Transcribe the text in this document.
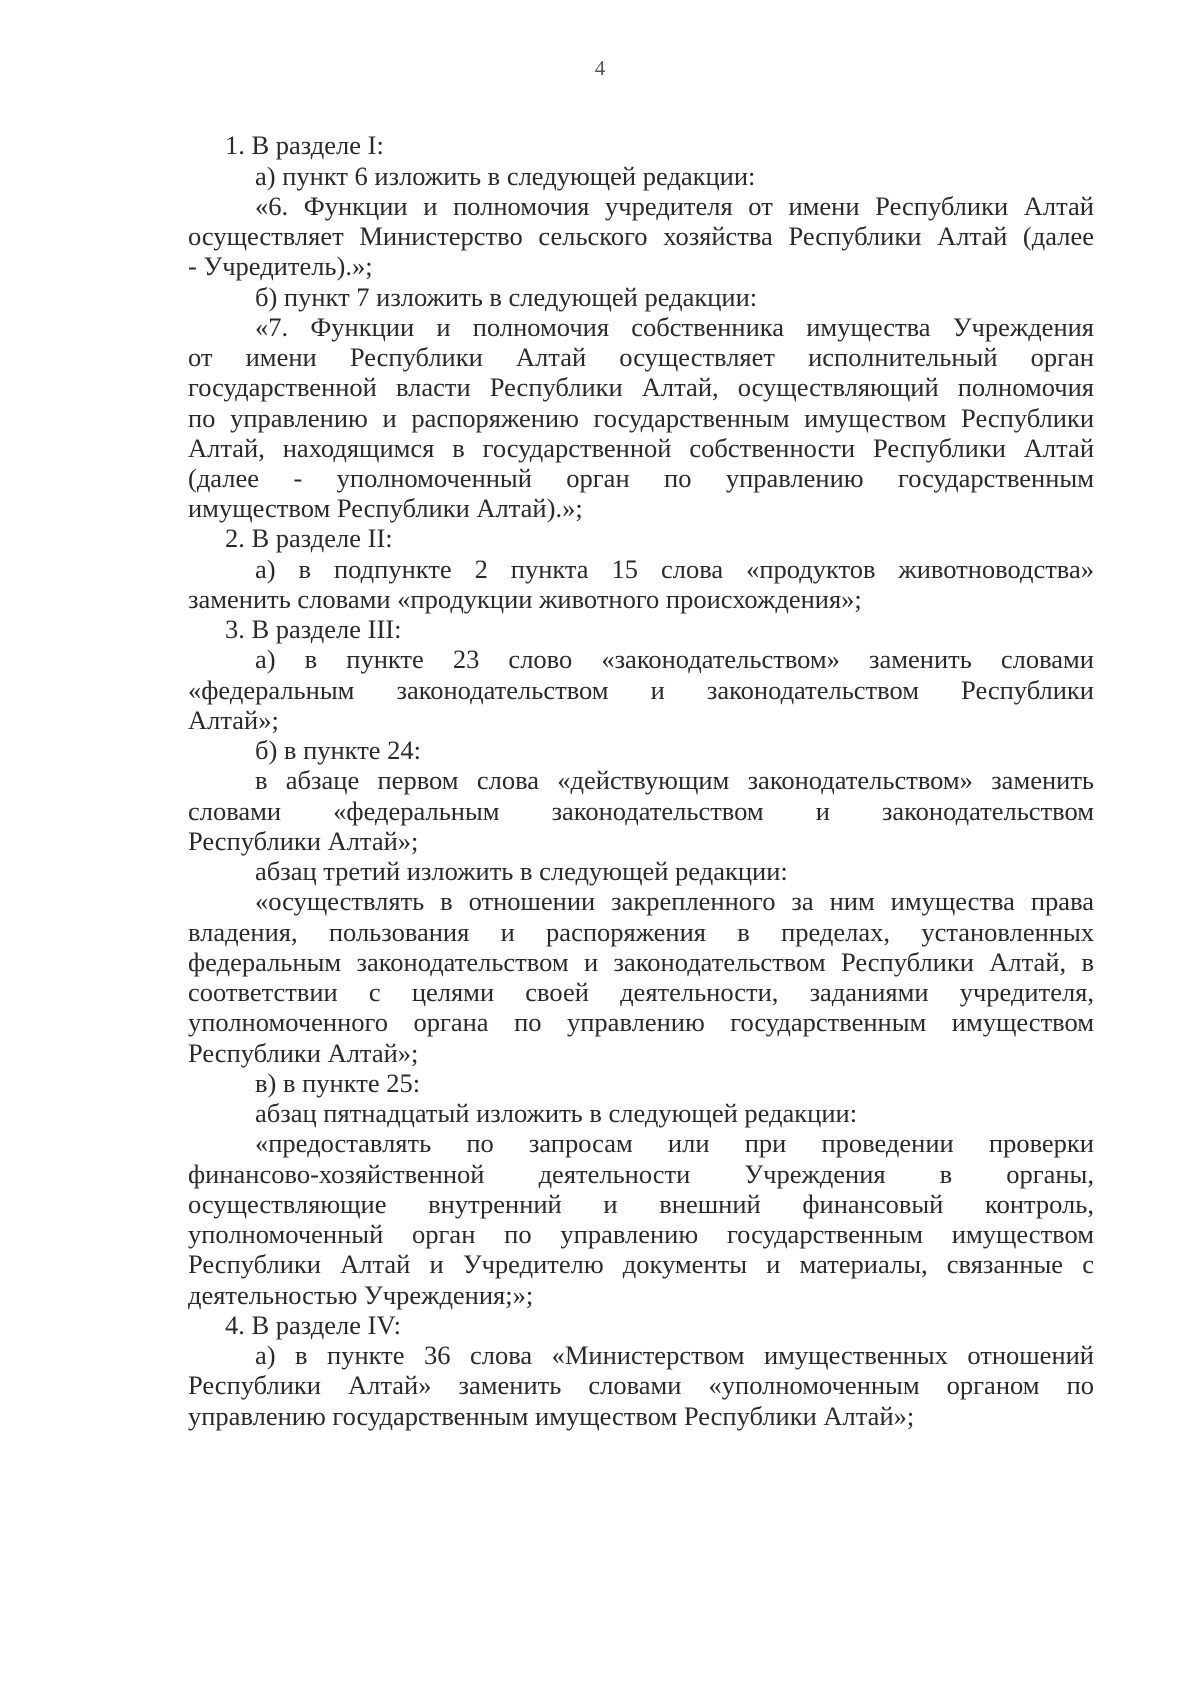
4
1. В разделе I:
а) пункт 6 изложить в следующей редакции:
«6. Функции и полномочия учредителя от имени Республики Алтай
осуществляет Министерство сельского хозяйства Республики Алтай (далее
- Учредитель).»;
б) пункт 7 изложить в следующей редакции:
«7. Функции и полномочия собственника имущества Учреждения
от имени Республики Алтай осуществляет исполнительный орган
государственной власти Республики Алтай, осуществляющий полномочия
по управлению и распоряжению государственным имуществом Республики
Алтай, находящимся в государственной собственности Республики Алтай
(далее - уполномоченный орган по управлению государственным
имуществом Республики Алтай).»;
2. В разделе II:
а) в подпункте 2 пункта 15 слова «продуктов животноводства»
заменить словами «продукции животного происхождения»;
3. В разделе III:
а) в пункте 23 слово «законодательством» заменить словами
«федеральным законодательством и законодательством Республики
Алтай»;
б) в пункте 24:
в абзаце первом слова «действующим законодательством» заменить
словами «федеральным законодательством и законодательством
Республики Алтай»;
абзац третий изложить в следующей редакции:
«осуществлять в отношении закрепленного за ним имущества права
владения, пользования и распоряжения в пределах, установленных
федеральным законодательством и законодательством Республики Алтай, в
соответствии с целями своей деятельности, заданиями учредителя,
уполномоченного органа по управлению государственным имуществом
Республики Алтай»;
в) в пункте 25:
абзац пятнадцатый изложить в следующей редакции:
«предоставлять по запросам или при проведении проверки
финансово-хозяйственной деятельности Учреждения в органы,
осуществляющие внутренний и внешний финансовый контроль,
уполномоченный орган по управлению государственным имуществом
Республики Алтай и Учредителю документы и материалы, связанные с
деятельностью Учреждения;»;
4. В разделе IV:
а) в пункте 36 слова «Министерством имущественных отношений
Республики Алтай» заменить словами «уполномоченным органом по
управлению государственным имуществом Республики Алтай»;
